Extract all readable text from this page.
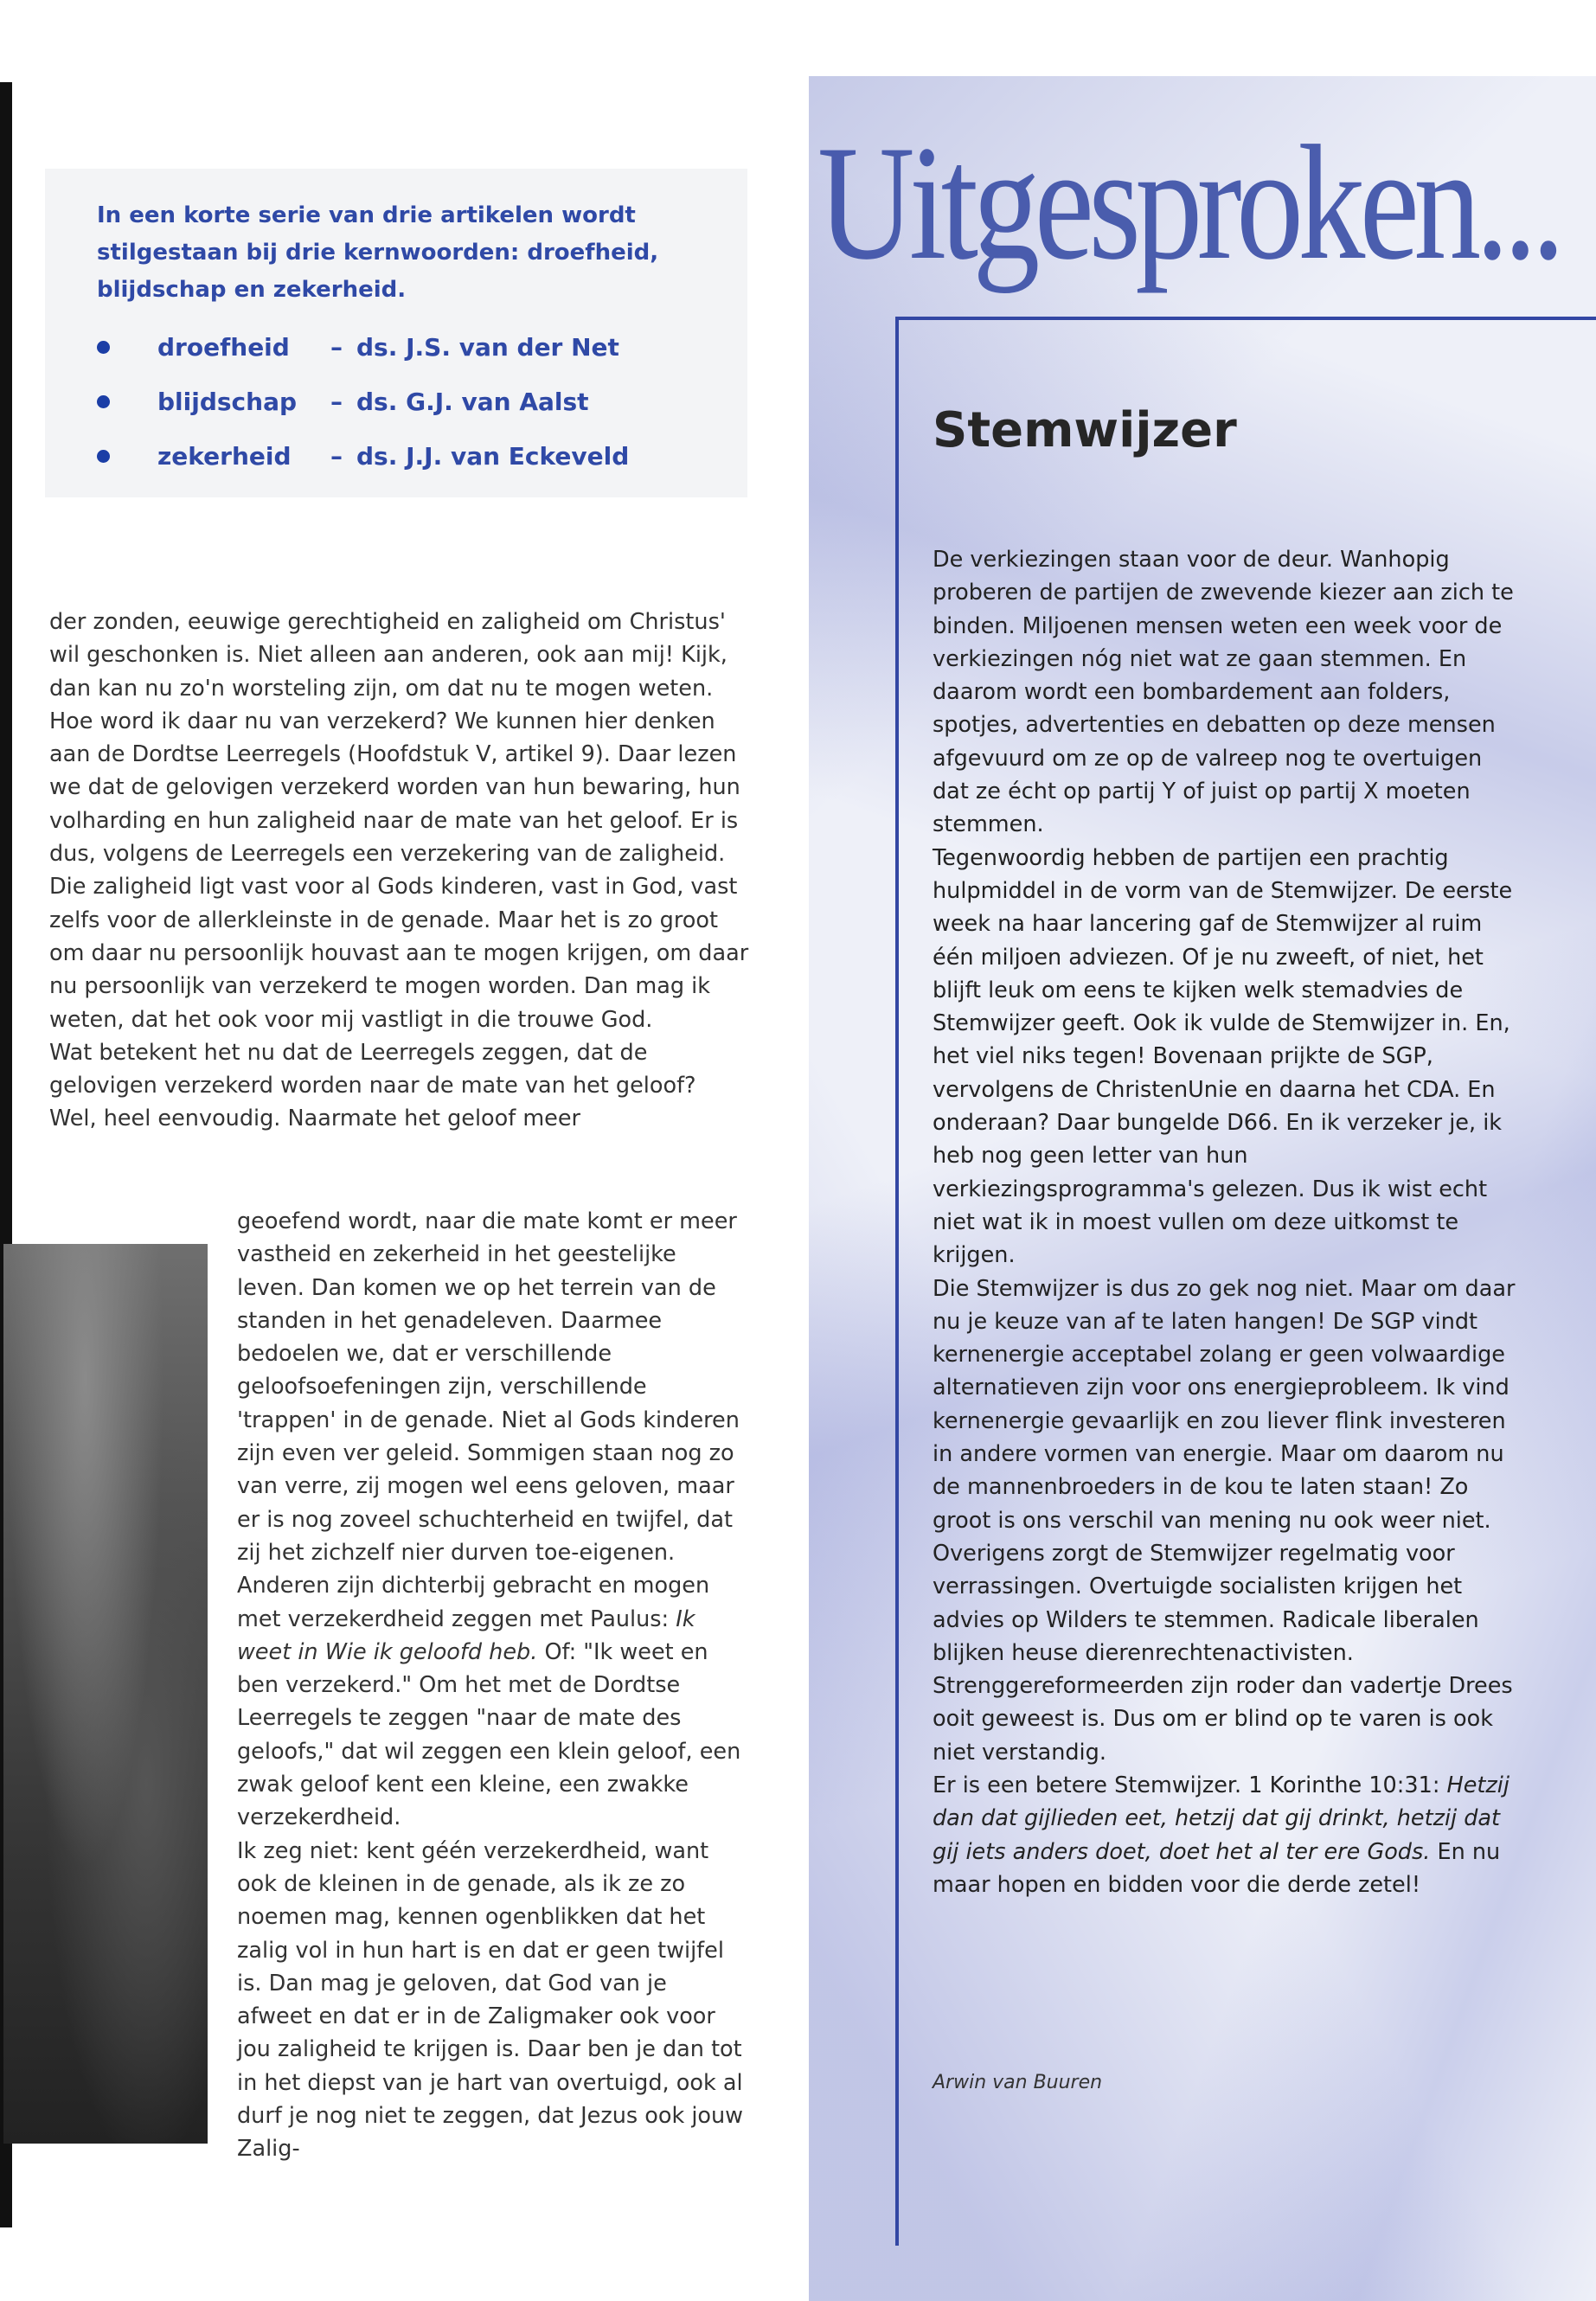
In een korte serie van drie artikelen wordt stilgestaan bij drie kernwoorden: droefheid, blijdschap en zekerheid.
droefheid	– ds. J.S. van der Net
blijdschap	– ds. G.J. van Aalst
zekerheid	– ds. J.J. van Eckeveld

der zonden, eeuwige gerechtigheid en zaligheid om Christus' wil geschonken is. Niet alleen aan anderen, ook aan mij! Kijk, dan kan nu zo'n worsteling zijn, om dat nu te mogen weten. Hoe word ik daar nu van verzekerd? We kunnen hier denken aan de Dordtse Leerregels (Hoofdstuk V, artikel 9). Daar lezen we dat de gelovigen verzekerd worden van hun bewaring, hun volharding en hun zaligheid naar de mate van het geloof. Er is dus, volgens de Leerregels een verzekering van de zaligheid. Die zaligheid ligt vast voor al Gods kinderen, vast in God, vast zelfs voor de allerkleinste in de genade. Maar het is zo groot om daar nu persoonlijk houvast aan te mogen krijgen, om daar nu persoonlijk van verzekerd te mogen worden. Dan mag ik weten, dat het ook voor mij vastligt in die trouwe God.

Wat betekent het nu dat de Leerregels zeggen, dat de gelovigen verzekerd worden naar de mate van het geloof? Wel, heel eenvoudig. Naarmate het geloof meer

geoefend wordt, naar die mate komt er meer vastheid en zekerheid in het geestelijke leven. Dan komen we op het terrein van de standen in het genadeleven. Daarmee bedoelen we, dat er verschillende geloofsoefeningen zijn, verschillende 'trappen' in de genade. Niet al Gods kinderen zijn even ver geleid. Sommigen staan nog zo van verre, zij mogen wel eens geloven, maar er is nog zoveel schuchterheid en twijfel, dat zij het zichzelf nier durven toe-eigenen. Anderen zijn dichterbij gebracht en mogen met verzekerdheid zeggen met Paulus: Ik weet in Wie ik geloofd heb. Of: "Ik weet en ben verzekerd." Om het met de Dordtse Leerregels te zeggen "naar de mate des geloofs," dat wil zeggen een klein geloof, een zwak geloof kent een kleine, een zwakke verzekerdheid.

Ik zeg niet: kent géén verzekerdheid, want ook de kleinen in de genade, als ik ze zo noemen mag, kennen ogenblikken dat het zalig vol in hun hart is en dat er geen twijfel is. Dan mag je geloven, dat God van je afweet en dat er in de Zaligmaker ook voor jou zaligheid te krijgen is. Daar ben je dan tot in het diepst van je hart van overtuigd, ook al durf je nog niet te zeggen, dat Jezus ook jouw Zalig-

Uitgesproken...
Stemwijzer

De verkiezingen staan voor de deur. Wanhopig proberen de partijen de zwevende kiezer aan zich te binden. Miljoenen mensen weten een week voor de verkiezingen nóg niet wat ze gaan stemmen. En daarom wordt een bombardement aan folders, spotjes, advertenties en debatten op deze mensen afgevuurd om ze op de valreep nog te overtuigen dat ze écht op partij Y of juist op partij X moeten stemmen.

Tegenwoordig hebben de partijen een prachtig hulpmiddel in de vorm van de Stemwijzer. De eerste week na haar lancering gaf de Stemwijzer al ruim één miljoen adviezen. Of je nu zweeft, of niet, het blijft leuk om eens te kijken welk stemadvies de Stemwijzer geeft. Ook ik vulde de Stemwijzer in. En, het viel niks tegen! Bovenaan prijkte de SGP, vervolgens de ChristenUnie en daarna het CDA. En onderaan? Daar bungelde D66. En ik verzeker je, ik heb nog geen letter van hun verkiezingsprogramma's gelezen. Dus ik wist echt niet wat ik in moest vullen om deze uitkomst te krijgen.

Die Stemwijzer is dus zo gek nog niet. Maar om daar nu je keuze van af te laten hangen! De SGP vindt kernenergie acceptabel zolang er geen volwaardige alternatieven zijn voor ons energieprobleem. Ik vind kernenergie gevaarlijk en zou liever flink investeren in andere vormen van energie. Maar om daarom nu de mannenbroeders in de kou te laten staan! Zo groot is ons verschil van mening nu ook weer niet. Overigens zorgt de Stemwijzer regelmatig voor verrassingen. Overtuigde socialisten krijgen het advies op Wilders te stemmen. Radicale liberalen blijken heuse dierenrechtenactivisten. Strenggereformeerden zijn roder dan vadertje Drees ooit geweest is. Dus om er blind op te varen is ook niet verstandig.

Er is een betere Stemwijzer. 1 Korinthe 10:31: Hetzij dan dat gijlieden eet, hetzij dat gij drinkt, hetzij dat gij iets anders doet, doet het al ter ere Gods. En nu maar hopen en bidden voor die derde zetel!

Arwin van Buuren
